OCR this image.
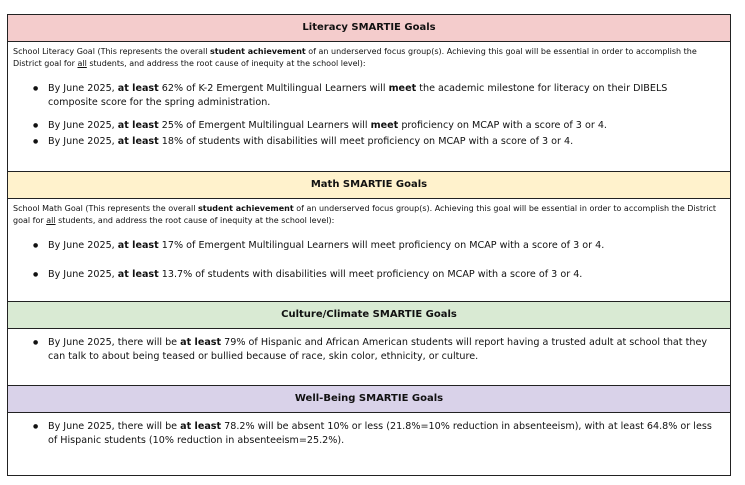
Literacy SMARTIE Goals
School Literacy Goal (This represents the overall student achievement of an underserved focus group(s). Achieving this goal will be essential in order to accomplish the District goal for all students, and address the root cause of inequity at the school level):
● By June 2025, at least 62% of K-2 Emergent Multilingual Learners will meet the academic milestone for literacy on their DIBELS composite score for the spring administration.
● By June 2025, at least 25% of Emergent Multilingual Learners will meet proficiency on MCAP with a score of 3 or 4.
● By June 2025, at least 18% of students with disabilities will meet proficiency on MCAP with a score of 3 or 4.
Math SMARTIE Goals
School Math Goal (This represents the overall student achievement of an underserved focus group(s). Achieving this goal will be essential in order to accomplish the District goal for all students, and address the root cause of inequity at the school level):
● By June 2025, at least 17% of Emergent Multilingual Learners will meet proficiency on MCAP with a score of 3 or 4.
● By June 2025, at least 13.7% of students with disabilities will meet proficiency on MCAP with a score of 3 or 4.
Culture/Climate SMARTIE Goals
● By June 2025, there will be at least 79% of Hispanic and African American students will report having a trusted adult at school that they can talk to about being teased or bullied because of race, skin color, ethnicity, or culture.
Well-Being SMARTIE Goals
● By June 2025, there will be at least 78.2% will be absent 10% or less (21.8%=10% reduction in absenteeism), with at least 64.8% or less of Hispanic students (10% reduction in absenteeism=25.2%).
